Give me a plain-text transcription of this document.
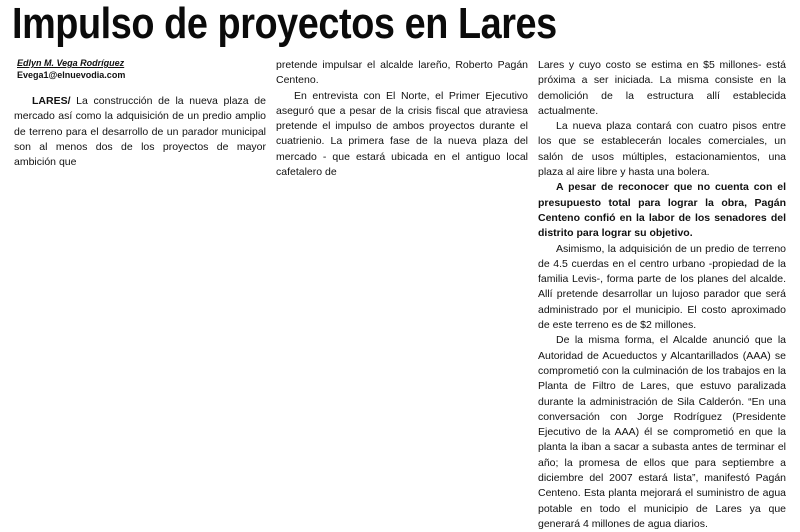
Impulso de proyectos en Lares
Edlyn M. Vega Rodríguez
Evega1@elnuevodia.com

LARES/ La construcción de la nueva plaza de mercado así como la adquisición de un predio amplio de terreno para el desarrollo de un parador municipal son al menos dos de los proyectos de mayor ambición que

pretende impulsar el alcalde lareño, Roberto Pagán Centeno.

En entrevista con El Norte, el Primer Ejecutivo aseguró que a pesar de la crisis fiscal que atraviesa pretende el impulso de ambos proyectos durante el cuatrienio. La primera fase de la nueva plaza del mercado - que estará ubicada en el antiguo local cafetalero de

Lares y cuyo costo se estima en $5 millones- está próxima a ser iniciada. La misma consiste en la demolición de la estructura allí establecida actualmente.

La nueva plaza contará con cuatro pisos entre los que se establecerán locales comerciales, un salón de usos múltiples, estacionamientos, una plaza al aire libre y hasta una bolera.

A pesar de reconocer que no cuenta con el presupuesto total para lograr la obra, Pagán Centeno confió en la labor de los senadores del distrito para lograr su objetivo.

Asimismo, la adquisición de un predio de terreno de 4.5 cuerdas en el centro urbano -propiedad de la familia Levis-, forma parte de los planes del alcalde. Allí pretende desarrollar un lujoso parador que será administrado por el municipio. El costo aproximado de este terreno es de $2 millones.

De la misma forma, el Alcalde anunció que la Autoridad de Acueductos y Alcantarillados (AAA) se comprometió con la culminación de los trabajos en la Planta de Filtro de Lares, que estuvo paralizada durante la administración de Sila Calderón. “En una conversación con Jorge Rodríguez (Presidente Ejecutivo de la AAA) él se comprometió en que la planta la iban a sacar a subasta antes de terminar el año; la promesa de ellos que para septiembre a diciembre del 2007 estará lista”, manifestó Pagán Centeno. Esta planta mejorará el suministro de agua potable en todo el municipio de Lares ya que generará 4 millones de agua diarios.
